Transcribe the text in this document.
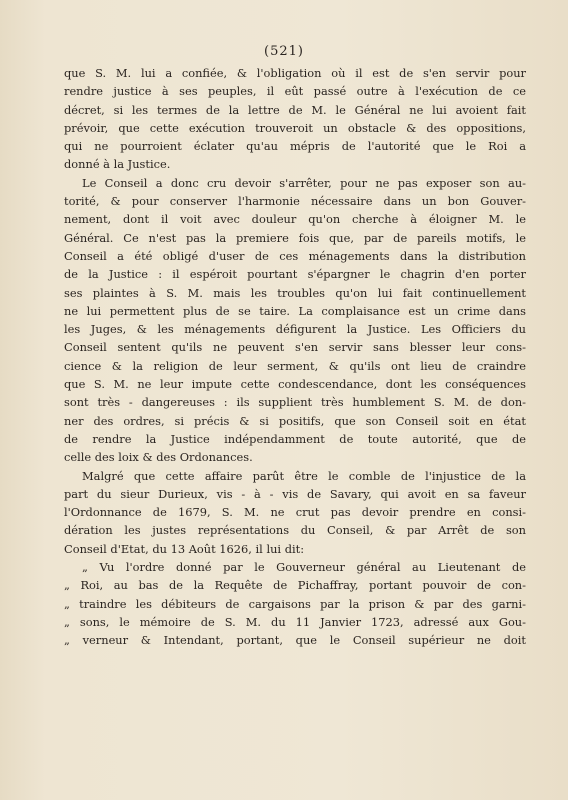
(521)
que S. M. lui a confiée, & l'obligation où il est de s'en servir pour
rendre justice à ses peuples, il eût passé outre à l'exécution de ce
décret, si les termes de la lettre de M. le Général ne lui avoient fait
prévoir, que cette exécution trouveroit un obstacle & des oppositions,
qui ne pourroient éclater qu'au mépris de l'autorité que le Roi a
donné à la Justice.
Le Conseil a donc cru devoir s'arrêter, pour ne pas exposer son au-
torité, & pour conserver l'harmonie nécessaire dans un bon Gouver-
nement, dont il voit avec douleur qu'on cherche à éloigner M. le
Général. Ce n'est pas la premiere fois que, par de pareils motifs, le
Conseil a été obligé d'user de ces ménagements dans la distribution
de la Justice : il espéroit pourtant s'épargner le chagrin d'en porter
ses plaintes à S. M. mais les troubles qu'on lui fait continuellement
ne lui permettent plus de se taire. La complaisance est un crime dans
les Juges, & les ménagements défigurent la Justice. Les Officiers du
Conseil sentent qu'ils ne peuvent s'en servir sans blesser leur cons-
cience & la religion de leur serment, & qu'ils ont lieu de craindre
que S. M. ne leur impute cette condescendance, dont les conséquences
sont très - dangereuses : ils supplient très humblement S. M. de don-
ner des ordres, si précis & si positifs, que son Conseil soit en état
de rendre la Justice indépendamment de toute autorité, que de
celle des loix & des Ordonances.
Malgré que cette affaire parût être le comble de l'injustice de la
part du sieur Durieux, vis - à - vis de Savary, qui avoit en sa faveur
l'Ordonnance de 1679, S. M. ne crut pas devoir prendre en consi-
dération les justes représentations du Conseil, & par Arrêt de son
Conseil d'Etat, du 13 Août 1626, il lui dit:
„ Vu l'ordre donné par le Gouverneur général au Lieutenant de
„ Roi, au bas de la Requête de Pichaffray, portant pouvoir de con-
„ traindre les débiteurs de cargaisons par la prison & par des garni-
„ sons, le mémoire de S. M. du 11 Janvier 1723, adressé aux Gou-
„ verneur & Intendant, portant, que le Conseil supérieur ne doit
